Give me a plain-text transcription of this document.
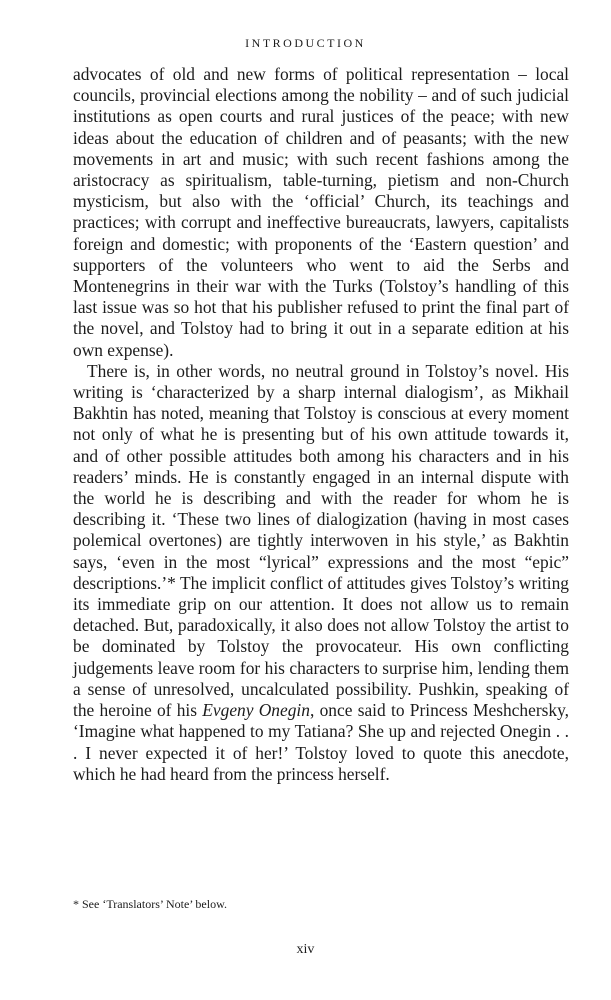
INTRODUCTION

advocates of old and new forms of political representation – local councils, provincial elections among the nobility – and of such judicial institutions as open courts and rural justices of the peace; with new ideas about the education of children and of peasants; with the new movements in art and music; with such recent fashions among the aristocracy as spiritualism, table-turning, pietism and non-Church mysticism, but also with the ‘official’ Church, its teachings and practices; with corrupt and ineffective bureaucrats, lawyers, capitalists foreign and domestic; with proponents of the ‘Eastern question’ and supporters of the volunteers who went to aid the Serbs and Montenegrins in their war with the Turks (Tolstoy’s handling of this last issue was so hot that his publisher refused to print the final part of the novel, and Tolstoy had to bring it out in a separate edition at his own expense).

There is, in other words, no neutral ground in Tolstoy’s novel. His writing is ‘characterized by a sharp internal dialogism’, as Mikhail Bakhtin has noted, meaning that Tolstoy is conscious at every moment not only of what he is presenting but of his own attitude towards it, and of other possible attitudes both among his characters and in his readers’ minds. He is constantly engaged in an internal dispute with the world he is describing and with the reader for whom he is describing it. ‘These two lines of dialogization (having in most cases polemical overtones) are tightly interwoven in his style,’ as Bakhtin says, ‘even in the most “lyrical” expressions and the most “epic” descriptions.’* The implicit conflict of attitudes gives Tolstoy’s writing its immediate grip on our attention. It does not allow us to remain detached. But, paradoxically, it also does not allow Tolstoy the artist to be dominated by Tolstoy the provocateur. His own conflicting judgements leave room for his characters to surprise him, lending them a sense of unresolved, uncalculated possibility. Pushkin, speaking of the heroine of his Evgeny Onegin, once said to Princess Meshchersky, ‘Imagine what happened to my Tatiana? She up and rejected Onegin . . . I never expected it of her!’ Tolstoy loved to quote this anecdote, which he had heard from the princess herself.

* See ‘Translators’ Note’ below.
xiv
